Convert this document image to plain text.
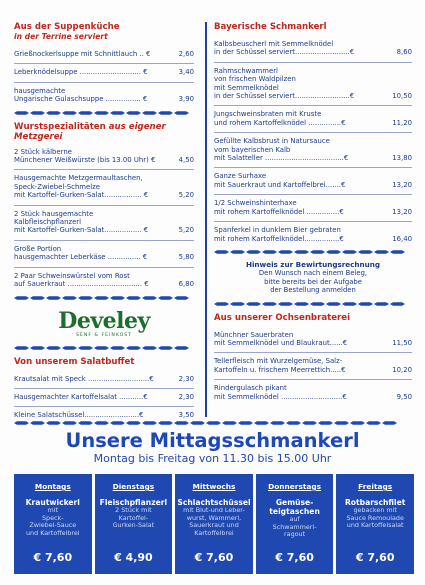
Aus der Suppenküche
in der Terrine serviert
Grießnockerlsuppe mit Schnittlauch .. €	2,60
Leberknödelsuppe ............................ €	3,40
hausgemachte
Ungarische Gulaschsuppe ................ €	3,90
Wurstspezialitäten aus eigener Metzgerei
2 Stück kälberne
Münchener Weißwürste (bis 13.00 Uhr) €	4,50
Hausgemachte Metzgermaultaschen,
Speck-Zwiebel-Schmelze
mit Kartoffel-Gurken-Salat................. €	5,20
2 Stück hausgemachte
Kalbfleischpflanzerl
mit Kartoffel-Gurken-Salat................. €	5,20
Große Portion
hausgemachter Leberkäse ............... €	5,80
2 Paar Schweinswürstel vom Rost
auf Sauerkraut .................................. €	6,80
Develey
SENF & FEINKOST
Von unserem Salatbuffet
Krautsalat mit Speck ............................€	2,30
Hausgemachter Kartoffelsalat ...........€	2,30
Kleine Salatschüssel.........................€	3,50
Bayerische Schmankerl
Kalbsbeuscherl mit Semmelknödel
in der Schüssel serviert.........................€	8,60
Rahmschwammerl
von frischen Waldpilzen
mit Semmelknödel
in der Schüssel serviert.........................€	10,50
Jungschweinsbraten mit Kruste
und rohem Kartoffelknödel ...............€	11,20
Gefüllte Kalbsbrust in Natursauce
vom bayerischen Kalb
mit Salatteller ....................................€	13,80
Ganze Surhaxe
mit Sauerkraut und Kartoffelbrei.......€	13,20
1/2 Schweinshinterhaxe
mit rohem Kartoffelknödel ...............€	13,20
Spanferkel in dunklem Bier gebraten
mit rohem Kartoffelknödel................€	16,40
Hinweis zur Bewirtungsrechnung
Den Wunsch nach einem Beleg,
bitte bereits bei der Aufgabe
der Bestellung anmelden
Aus unserer Ochsenbraterei
Münchner Sauerbraten
mit Semmelknödel und Blaukraut......€	11,50
Tellerfleisch mit Wurzelgemüse, Salz-
Kartoffeln u. frischem Meerrettich.....€	10,20
Rindergulasch pikant
mit Semmelknödel ............................€	9,50
Unsere Mittagsschmankerl
Montag bis Freitag von 11.30 bis 15.00 Uhr
Montags
Krautwickerl
mit
Speck-
Zwiebel-Sauce
und Kartoffelbrei
€ 7,60
Dienstags
Fleischpflanzerl
2 Stück mit
Kartoffel-
Gurken-Salat
€ 4,90
Mittwochs
Schlachtschüssel
mit Blut-und Leber-
wurst, Wammerl,
Sauerkraut und
Kartoffelbrei
€ 7,60
Donnerstags
Gemüse-
teigtaschen
auf
Schwammerl-
ragout
€ 7,60
Freitags
Rotbarschfilet
gebacken mit
Sauce Remoulade
und Kartoffelsalat
€ 7,60
